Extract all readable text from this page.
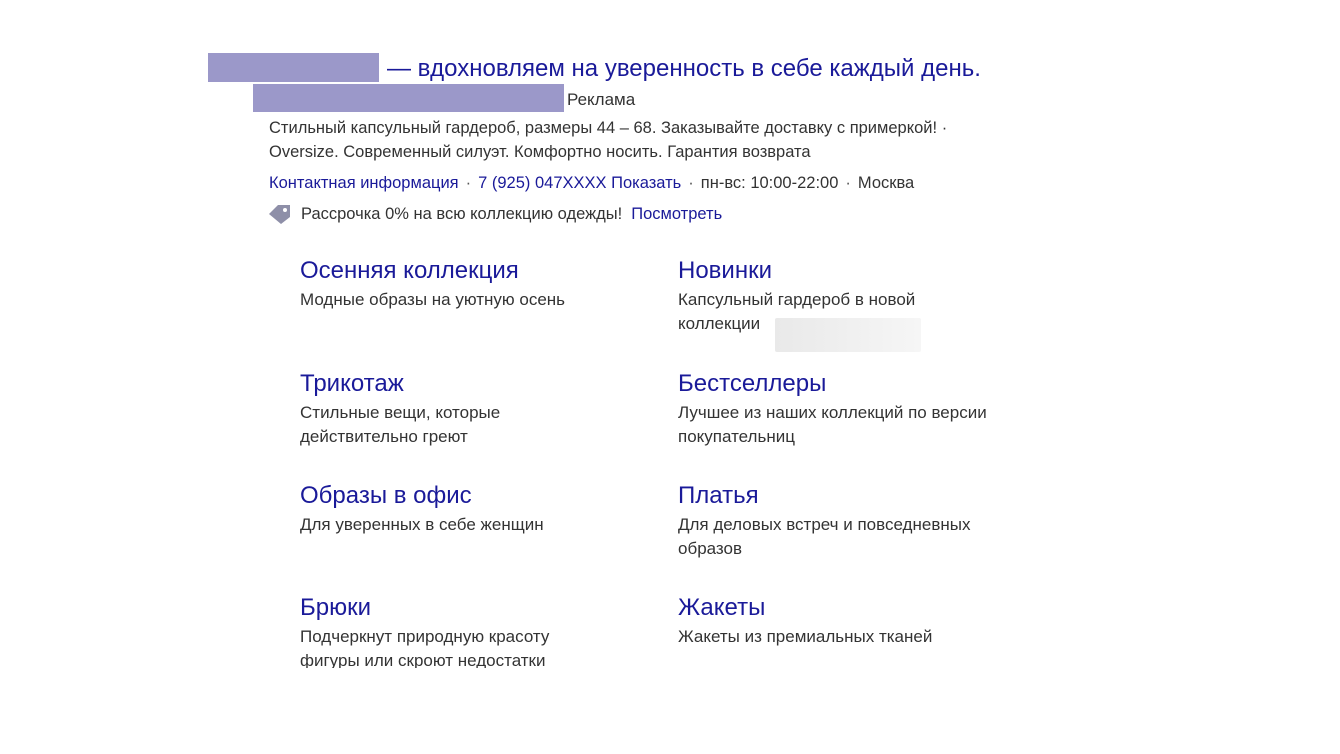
— вдохновляем на уверенность в себе каждый день.
Реклама
Стильный капсульный гардероб, размеры 44 – 68. Заказывайте доставку с примеркой! ·
Oversize. Современный силуэт. Комфортно носить. Гарантия возврата
Контактная информация · 7 (925) 047XXXX Показать · пн-вс: 10:00-22:00 · Москва
Рассрочка 0% на всю коллекцию одежды! Посмотреть
Осенняя коллекция
Модные образы на уютную осень
Новинки
Капсульный гардероб в новой коллекции
Трикотаж
Стильные вещи, которые действительно греют
Бестселлеры
Лучшее из наших коллекций по версии покупательниц
Образы в офис
Для уверенных в себе женщин
Платья
Для деловых встреч и повседневных образов
Брюки
Подчеркнут природную красоту фигуры или скроют недостатки
Жакеты
Жакеты из премиальных тканей
